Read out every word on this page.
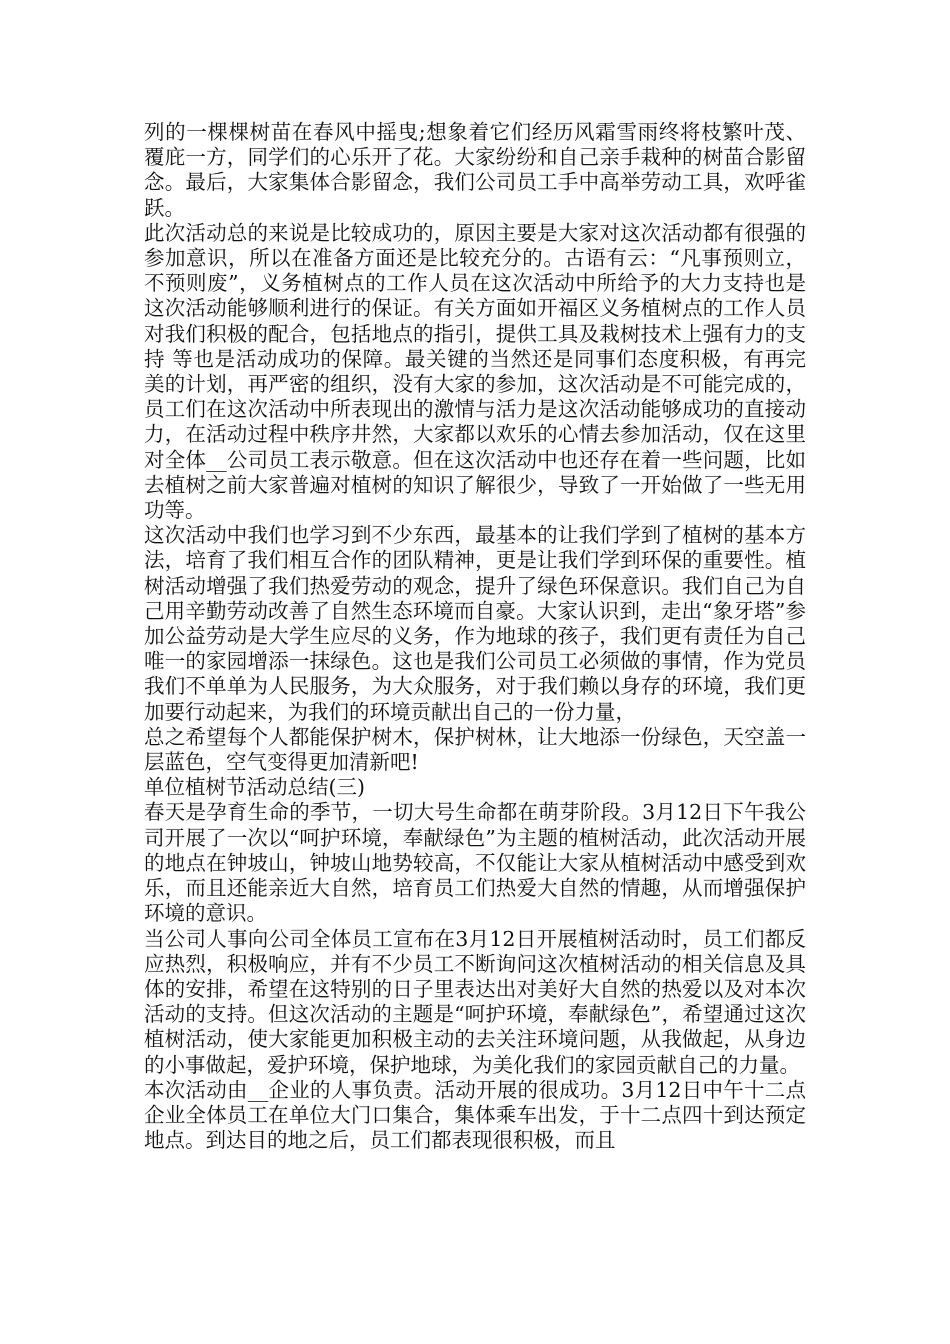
列的一棵棵树苗在春风中摇曳;想象着它们经历风霜雪雨终将枝繁叶茂、覆庇一方，同学们的心乐开了花。大家纷纷和自己亲手栽种的树苗合影留念。最后，大家集体合影留念，我们公司员工手中高举劳动工具，欢呼雀跃。

此次活动总的来说是比较成功的，原因主要是大家对这次活动都有很强的参加意识，所以在准备方面还是比较充分的。古语有云：“凡事预则立，不预则废”，义务植树点的工作人员在这次活动中所给予的大力支持也是这次活动能够顺利进行的保证。有关方面如开福区义务植树点的工作人员对我们积极的配合，包括地点的指引，提供工具及栽树技术上强有力的支持 等也是活动成功的保障。最关键的当然还是同事们态度积极，有再完美的计划，再严密的组织，没有大家的参加，这次活动是不可能完成的，员工们在这次活动中所表现出的激情与活力是这次活动能够成功的直接动力，在活动过程中秩序井然，大家都以欢乐的心情去参加活动，仅在这里对全体__公司员工表示敬意。但在这次活动中也还存在着一些问题，比如去植树之前大家普遍对植树的知识了解很少，导致了一开始做了一些无用功等。

这次活动中我们也学习到不少东西，最基本的让我们学到了植树的基本方法，培育了我们相互合作的团队精神，更是让我们学到环保的重要性。植树活动增强了我们热爱劳动的观念，提升了绿色环保意识。我们自己为自己用辛勤劳动改善了自然生态环境而自豪。大家认识到，走出“象牙塔”参加公益劳动是大学生应尽的义务，作为地球的孩子，我们更有责任为自己唯一的家园增添一抹绿色。这也是我们公司员工必须做的事情，作为党员我们不单单为人民服务，为大众服务，对于我们赖以身存的环境，我们更加要行动起来，为我们的环境贡献出自己的一份力量，

总之希望每个人都能保护树木，保护树林，让大地添一份绿色，天空盖一层蓝色，空气变得更加清新吧!

单位植树节活动总结(三)

春天是孕育生命的季节，一切大号生命都在萌芽阶段。3月12日下午我公司开展了一次以“呵护环境，奉献绿色”为主题的植树活动，此次活动开展的地点在钟坡山，钟坡山地势较高，不仅能让大家从植树活动中感受到欢乐，而且还能亲近大自然，培育员工们热爱大自然的情趣，从而增强保护环境的意识。

当公司人事向公司全体员工宣布在3月12日开展植树活动时，员工们都反应热烈，积极响应，并有不少员工不断询问这次植树活动的相关信息及具体的安排，希望在这特别的日子里表达出对美好大自然的热爱以及对本次活动的支持。但这次活动的主题是“呵护环境，奉献绿色”，希望通过这次植树活动，使大家能更加积极主动的去关注环境问题，从我做起，从身边的小事做起，爱护环境，保护地球，为美化我们的家园贡献自己的力量。

本次活动由__企业的人事负责。活动开展的很成功。3月12日中午十二点企业全体员工在单位大门口集合，集体乘车出发，于十二点四十到达预定地点。到达目的地之后，员工们都表现很积极，而且
